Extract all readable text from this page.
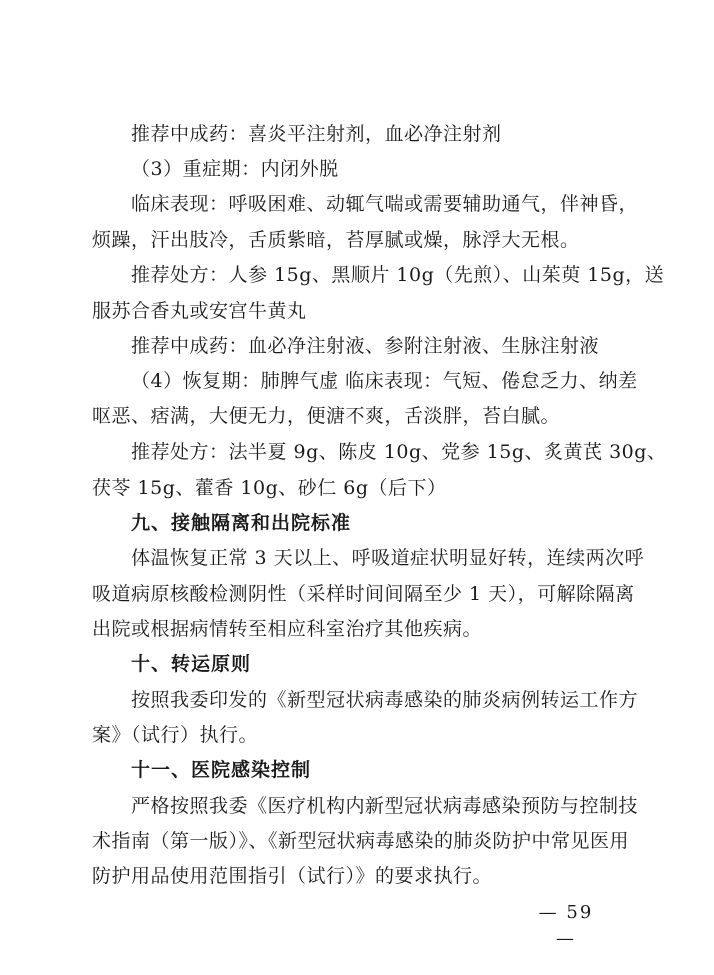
推荐中成药：喜炎平注射剂，血必净注射剂
（3）重症期：内闭外脱
临床表现：呼吸困难、动辄气喘或需要辅助通气，伴神昏，
烦躁，汗出肢冷，舌质紫暗，苔厚腻或燥，脉浮大无根。
推荐处方：人参 15g、黑顺片 10g（先煎）、山茱萸 15g，送
服苏合香丸或安宫牛黄丸
推荐中成药：血必净注射液、参附注射液、生脉注射液
（4）恢复期：肺脾气虚 临床表现：气短、倦怠乏力、纳差
呕恶、痞满，大便无力，便溏不爽，舌淡胖，苔白腻。
推荐处方：法半夏 9g、陈皮 10g、党参 15g、炙黄芪 30g、
茯苓 15g、藿香 10g、砂仁 6g（后下）
九、接触隔离和出院标准
体温恢复正常 3 天以上、呼吸道症状明显好转，连续两次呼
吸道病原核酸检测阴性（采样时间间隔至少 1 天），可解除隔离
出院或根据病情转至相应科室治疗其他疾病。
十、转运原则
按照我委印发的《新型冠状病毒感染的肺炎病例转运工作方
案》（试行）执行。
十一、医院感染控制
严格按照我委《医疗机构内新型冠状病毒感染预防与控制技
术指南（第一版）》、《新型冠状病毒感染的肺炎防护中常见医用
防护用品使用范围指引（试行）》的要求执行。
— 59 —
